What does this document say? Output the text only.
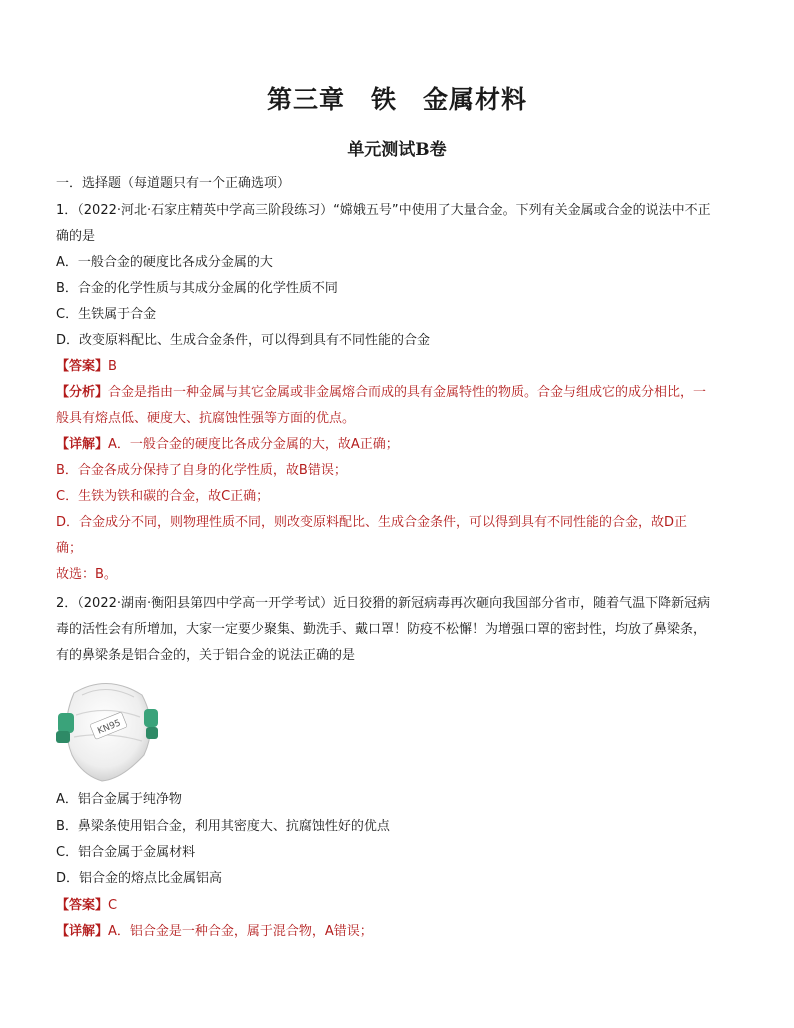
第三章　铁　金属材料
单元测试B卷
一．选择题（每道题只有一个正确选项）
1．（2022·河北·石家庄精英中学高三阶段练习）“嫦娥五号”中使用了大量合金。下列有关金属或合金的说法中不正
确的是
A．一般合金的硬度比各成分金属的大
B．合金的化学性质与其成分金属的化学性质不同
C．生铁属于合金
D．改变原料配比、生成合金条件，可以得到具有不同性能的合金
【答案】B
【分析】合金是指由一种金属与其它金属或非金属熔合而成的具有金属特性的物质。合金与组成它的成分相比，一
般具有熔点低、硬度大、抗腐蚀性强等方面的优点。
【详解】A．一般合金的硬度比各成分金属的大，故A正确；
B．合金各成分保持了自身的化学性质，故B错误；
C．生铁为铁和碳的合金，故C正确；
D．合金成分不同，则物理性质不同，则改变原料配比、生成合金条件，可以得到具有不同性能的合金，故D正
确；
故选：B。
2．（2022·湖南·衡阳县第四中学高一开学考试）近日狡猾的新冠病毒再次砸向我国部分省市，随着气温下降新冠病
毒的活性会有所增加，大家一定要少聚集、勤洗手、戴口罩！防疫不松懈！为增强口罩的密封性，均放了鼻梁条，
有的鼻梁条是铝合金的，关于铝合金的说法正确的是
KN95
A．铝合金属于纯净物
B．鼻梁条使用铝合金，利用其密度大、抗腐蚀性好的优点
C．铝合金属于金属材料
D．铝合金的熔点比金属铝高
【答案】C
【详解】A．铝合金是一种合金，属于混合物，A错误；
